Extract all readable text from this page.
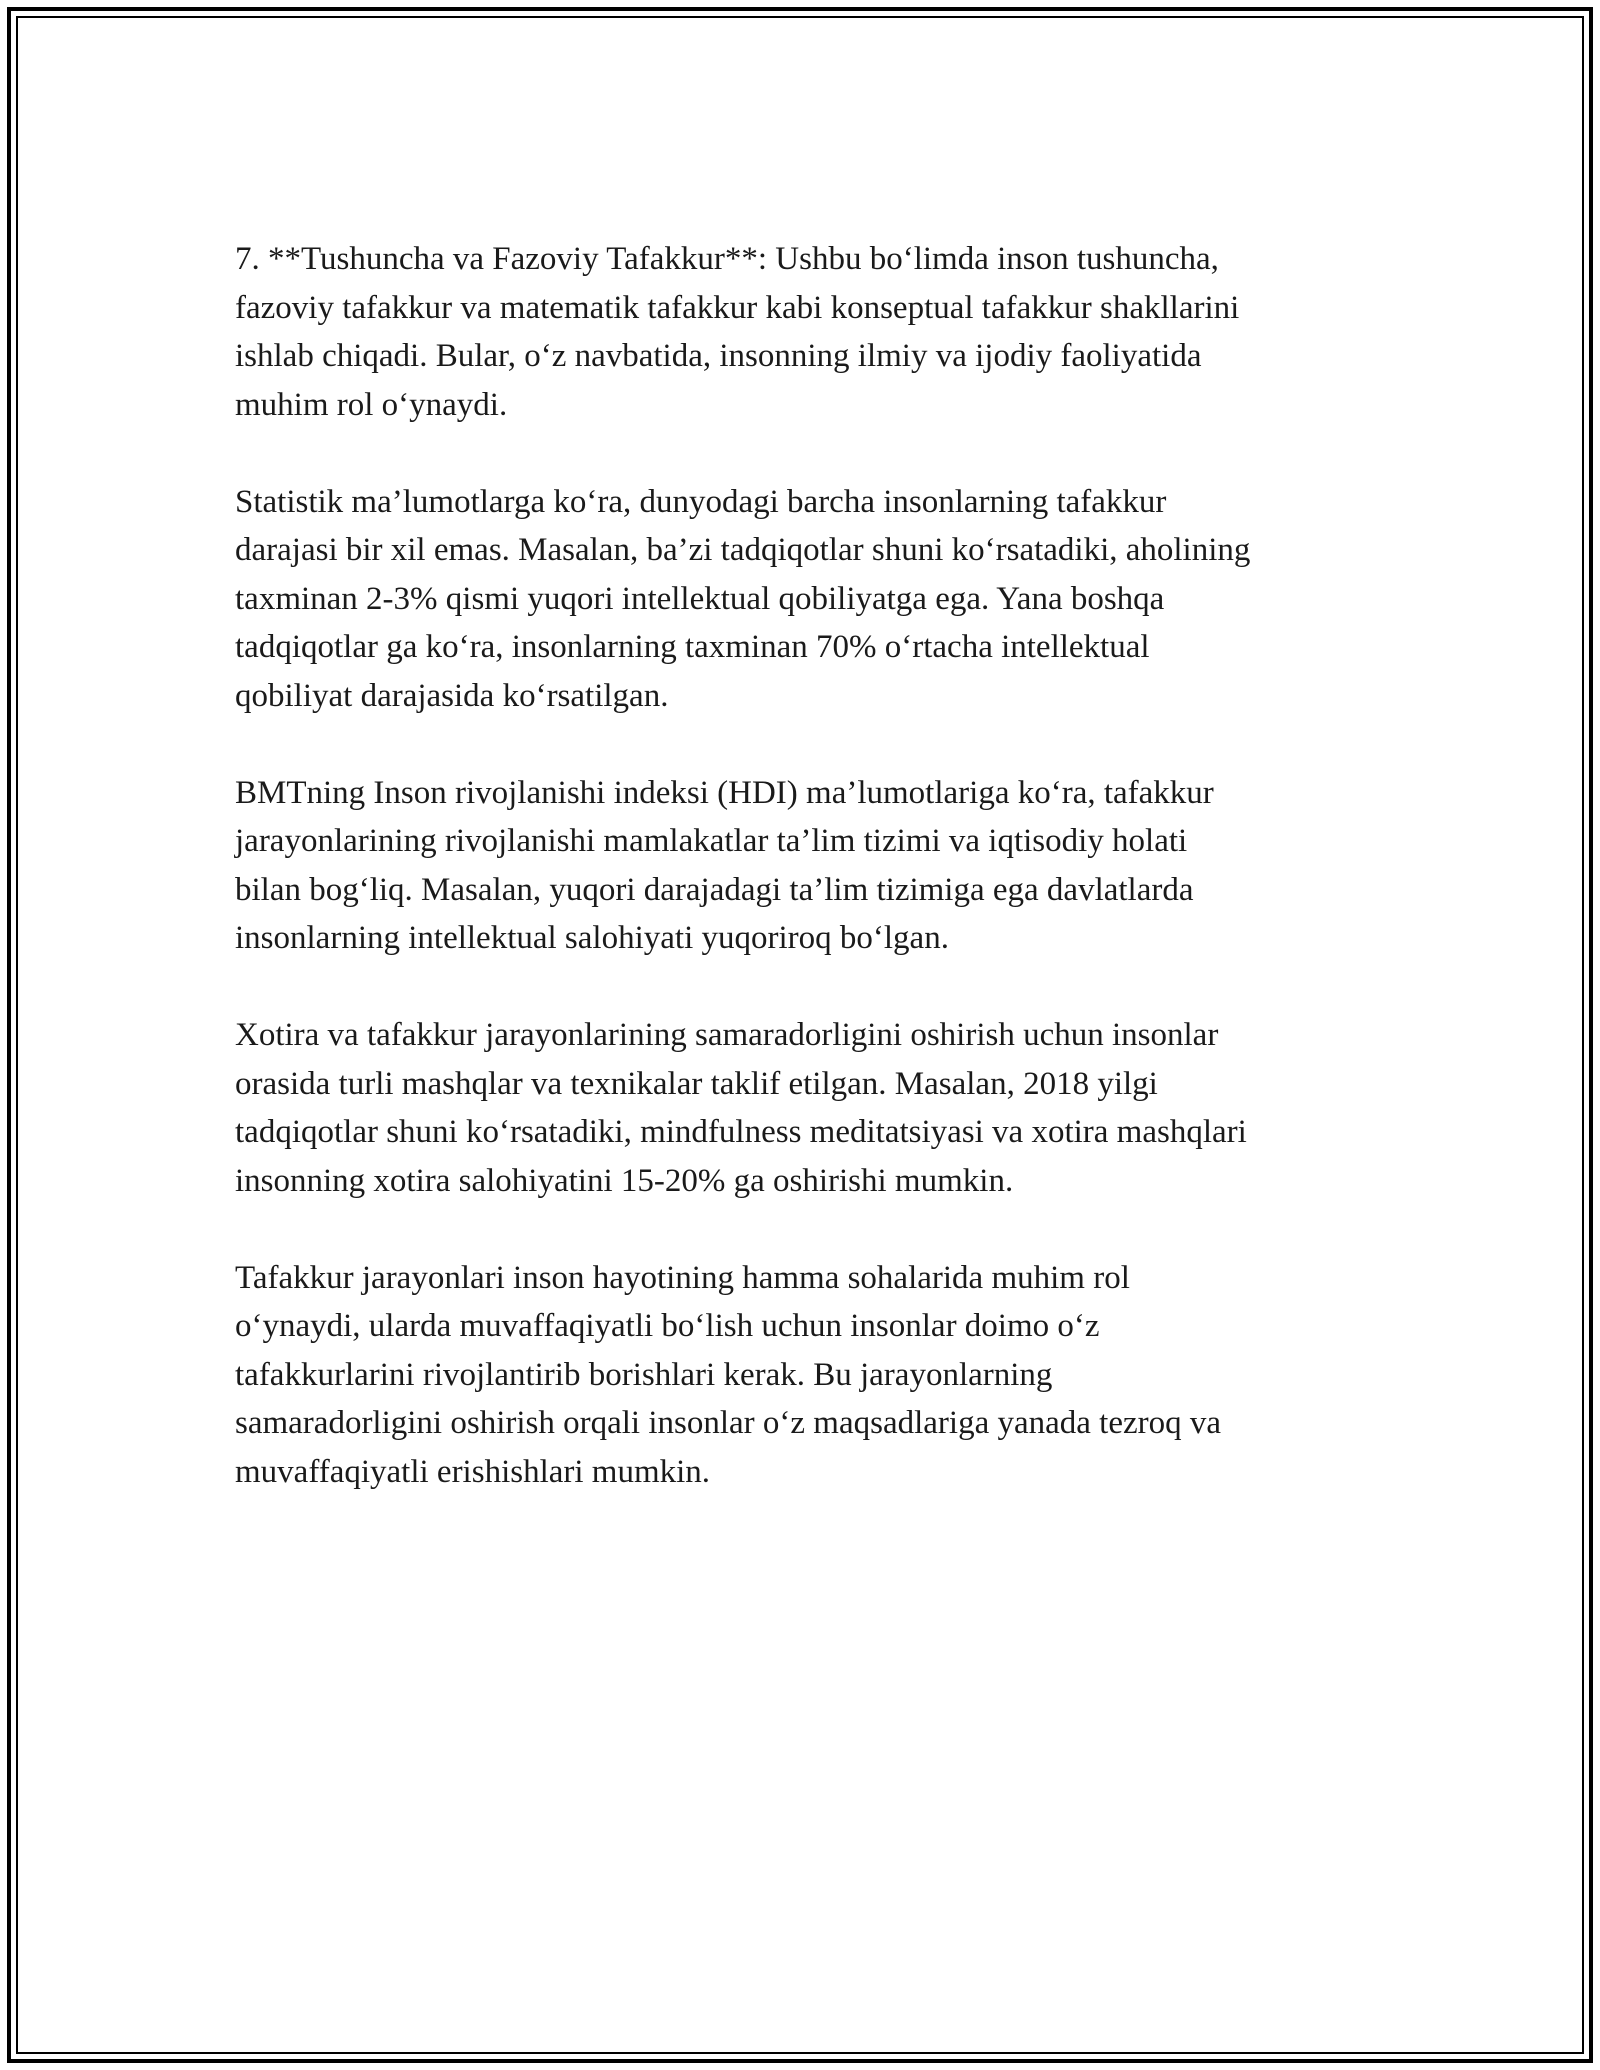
7. **Tushuncha va Fazoviy Tafakkur**: Ushbu bo‘limda inson tushuncha,
fazoviy tafakkur va matematik tafakkur kabi konseptual tafakkur shakllarini
ishlab chiqadi. Bular, o‘z navbatida, insonning ilmiy va ijodiy faoliyatida
muhim rol o‘ynaydi.

Statistik ma’lumotlarga ko‘ra, dunyodagi barcha insonlarning tafakkur
darajasi bir xil emas. Masalan, ba’zi tadqiqotlar shuni ko‘rsatadiki, aholining
taxminan 2-3% qismi yuqori intellektual qobiliyatga ega. Yana boshqa
tadqiqotlar ga ko‘ra, insonlarning taxminan 70% o‘rtacha intellektual
qobiliyat darajasida ko‘rsatilgan.

BMTning Inson rivojlanishi indeksi (HDI) ma’lumotlariga ko‘ra, tafakkur
jarayonlarining rivojlanishi mamlakatlar ta’lim tizimi va iqtisodiy holati
bilan bog‘liq. Masalan, yuqori darajadagi ta’lim tizimiga ega davlatlarda
insonlarning intellektual salohiyati yuqoriroq bo‘lgan.

Xotira va tafakkur jarayonlarining samaradorligini oshirish uchun insonlar
orasida turli mashqlar va texnikalar taklif etilgan. Masalan, 2018 yilgi
tadqiqotlar shuni ko‘rsatadiki, mindfulness meditatsiyasi va xotira mashqlari
insonning xotira salohiyatini 15-20% ga oshirishi mumkin.

Tafakkur jarayonlari inson hayotining hamma sohalarida muhim rol
o‘ynaydi, ularda muvaffaqiyatli bo‘lish uchun insonlar doimo o‘z
tafakkurlarini rivojlantirib borishlari kerak. Bu jarayonlarning
samaradorligini oshirish orqali insonlar o‘z maqsadlariga yanada tezroq va
muvaffaqiyatli erishishlari mumkin.
